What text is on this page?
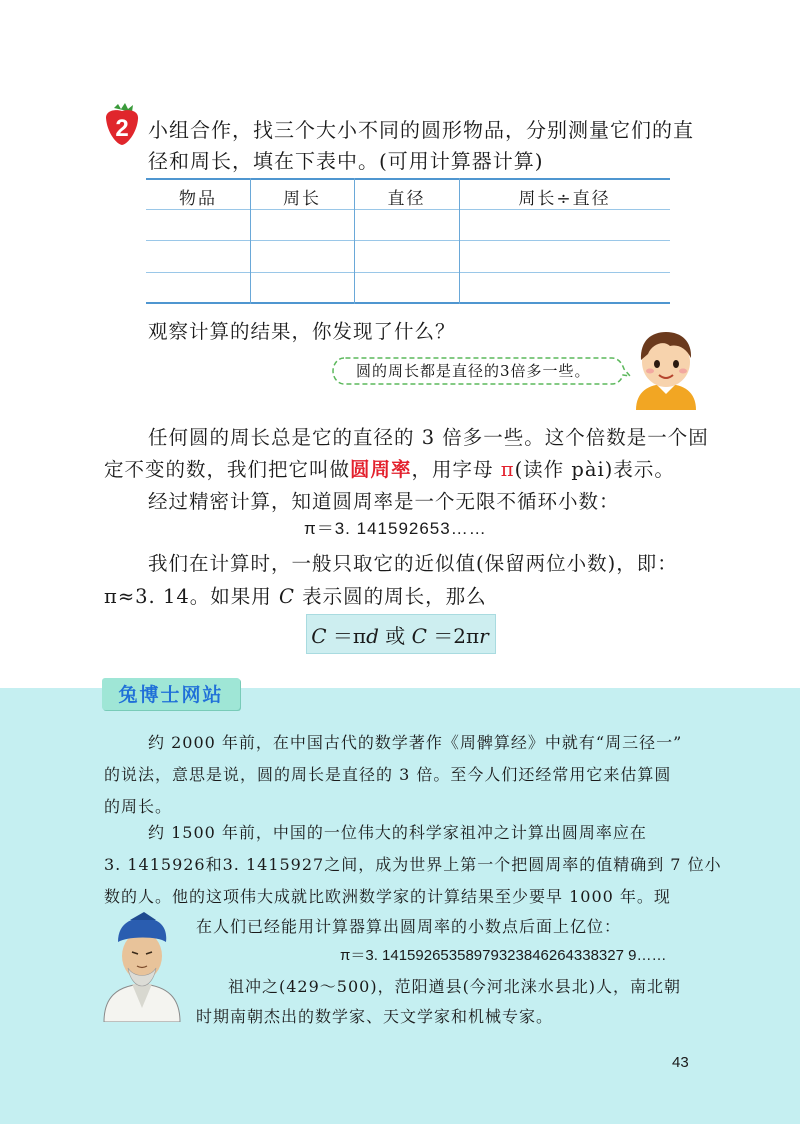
2 小组合作，找三个大小不同的圆形物品，分别测量它们的直
径和周长，填在下表中。(可用计算器计算)
物品	周长	直径	周长÷直径
观察计算的结果，你发现了什么？
圆的周长都是直径的3倍多一些。
任何圆的周长总是它的直径的 3 倍多一些。这个倍数是一个固
定不变的数，我们把它叫做圆周率，用字母 π(读作 pài)表示。
经过精密计算，知道圆周率是一个无限不循环小数：
π＝3. 141592653……
我们在计算时，一般只取它的近似值(保留两位小数)，即：
π≈3. 14。如果用 C 表示圆的周长，那么
C ＝πd 或 C ＝2πr
兔博士网站
约 2000 年前，在中国古代的数学著作《周髀算经》中就有“周三径一”
的说法，意思是说，圆的周长是直径的 3 倍。至今人们还经常用它来估算圆
的周长。
约 1500 年前，中国的一位伟大的科学家祖冲之计算出圆周率应在
3. 1415926和3. 1415927之间，成为世界上第一个把圆周率的值精确到 7 位小
数的人。他的这项伟大成就比欧洲数学家的计算结果至少要早 1000 年。现
在人们已经能用计算器算出圆周率的小数点后面上亿位：
π＝3. 14159265358979323846264338327 9……
祖冲之(429～500)，范阳遒县(今河北涞水县北)人，南北朝
时期南朝杰出的数学家、天文学家和机械专家。
43
